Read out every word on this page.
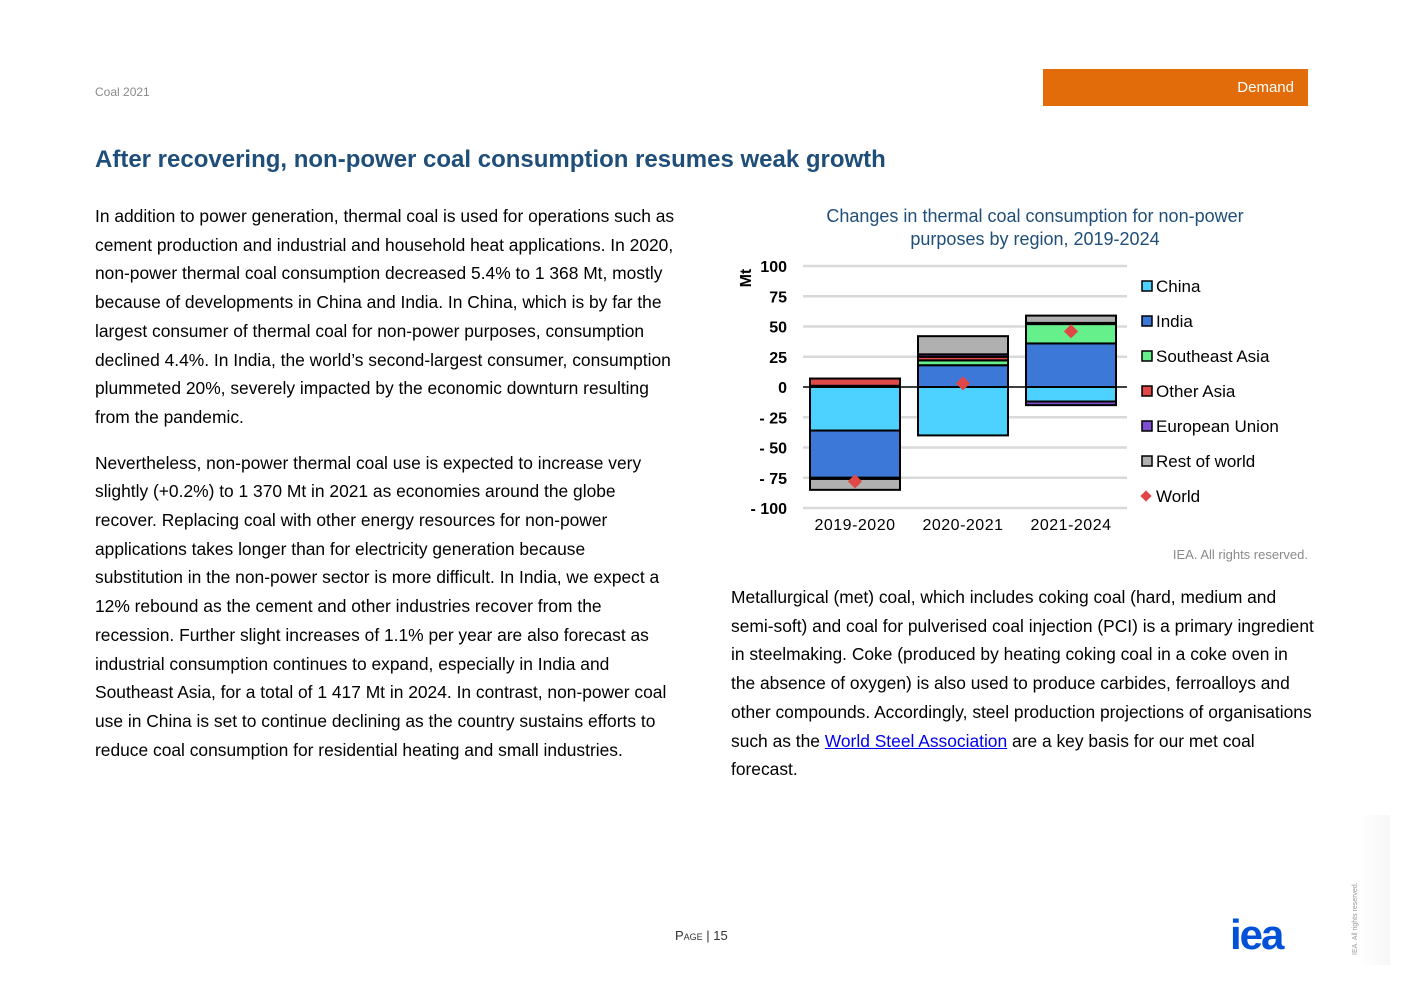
Coal 2021	Demand
After recovering, non-power coal consumption resumes weak growth

In addition to power generation, thermal coal is used for operations such as cement production and industrial and household heat applications. In 2020, non-power thermal coal consumption decreased 5.4% to 1 368 Mt, mostly because of developments in China and India. In China, which is by far the largest consumer of thermal coal for non-power purposes, consumption declined 4.4%. In India, the world’s second-largest consumer, consumption plummeted 20%, severely impacted by the economic downturn resulting from the pandemic.

Nevertheless, non-power thermal coal use is expected to increase very slightly (+0.2%) to 1 370 Mt in 2021 as economies around the globe recover. Replacing coal with other energy resources for non-power applications takes longer than for electricity generation because substitution in the non-power sector is more difficult. In India, we expect a 12% rebound as the cement and other industries recover from the recession. Further slight increases of 1.1% per year are also forecast as industrial consumption continues to expand, especially in India and Southeast Asia, for a total of 1 417 Mt in 2024. In contrast, non-power coal use in China is set to continue declining as the country sustains efforts to reduce coal consumption for residential heating and small industries.

Changes in thermal coal consumption for non-power purposes by region, 2019-2024
100
75
50
25
0
- 25
- 50
- 75
- 100
Mt
2019-2020 2020-2021 2021-2024
China
India
Southeast Asia
Other Asia
European Union
Rest of world
World
IEA. All rights reserved.

Metallurgical (met) coal, which includes coking coal (hard, medium and semi-soft) and coal for pulverised coal injection (PCI) is a primary ingredient in steelmaking. Coke (produced by heating coking coal in a coke oven in the absence of oxygen) is also used to produce carbides, ferroalloys and other compounds. Accordingly, steel production projections of organisations such as the World Steel Association are a key basis for our met coal forecast.

Page | 15	IEA. All rights reserved.
iea
